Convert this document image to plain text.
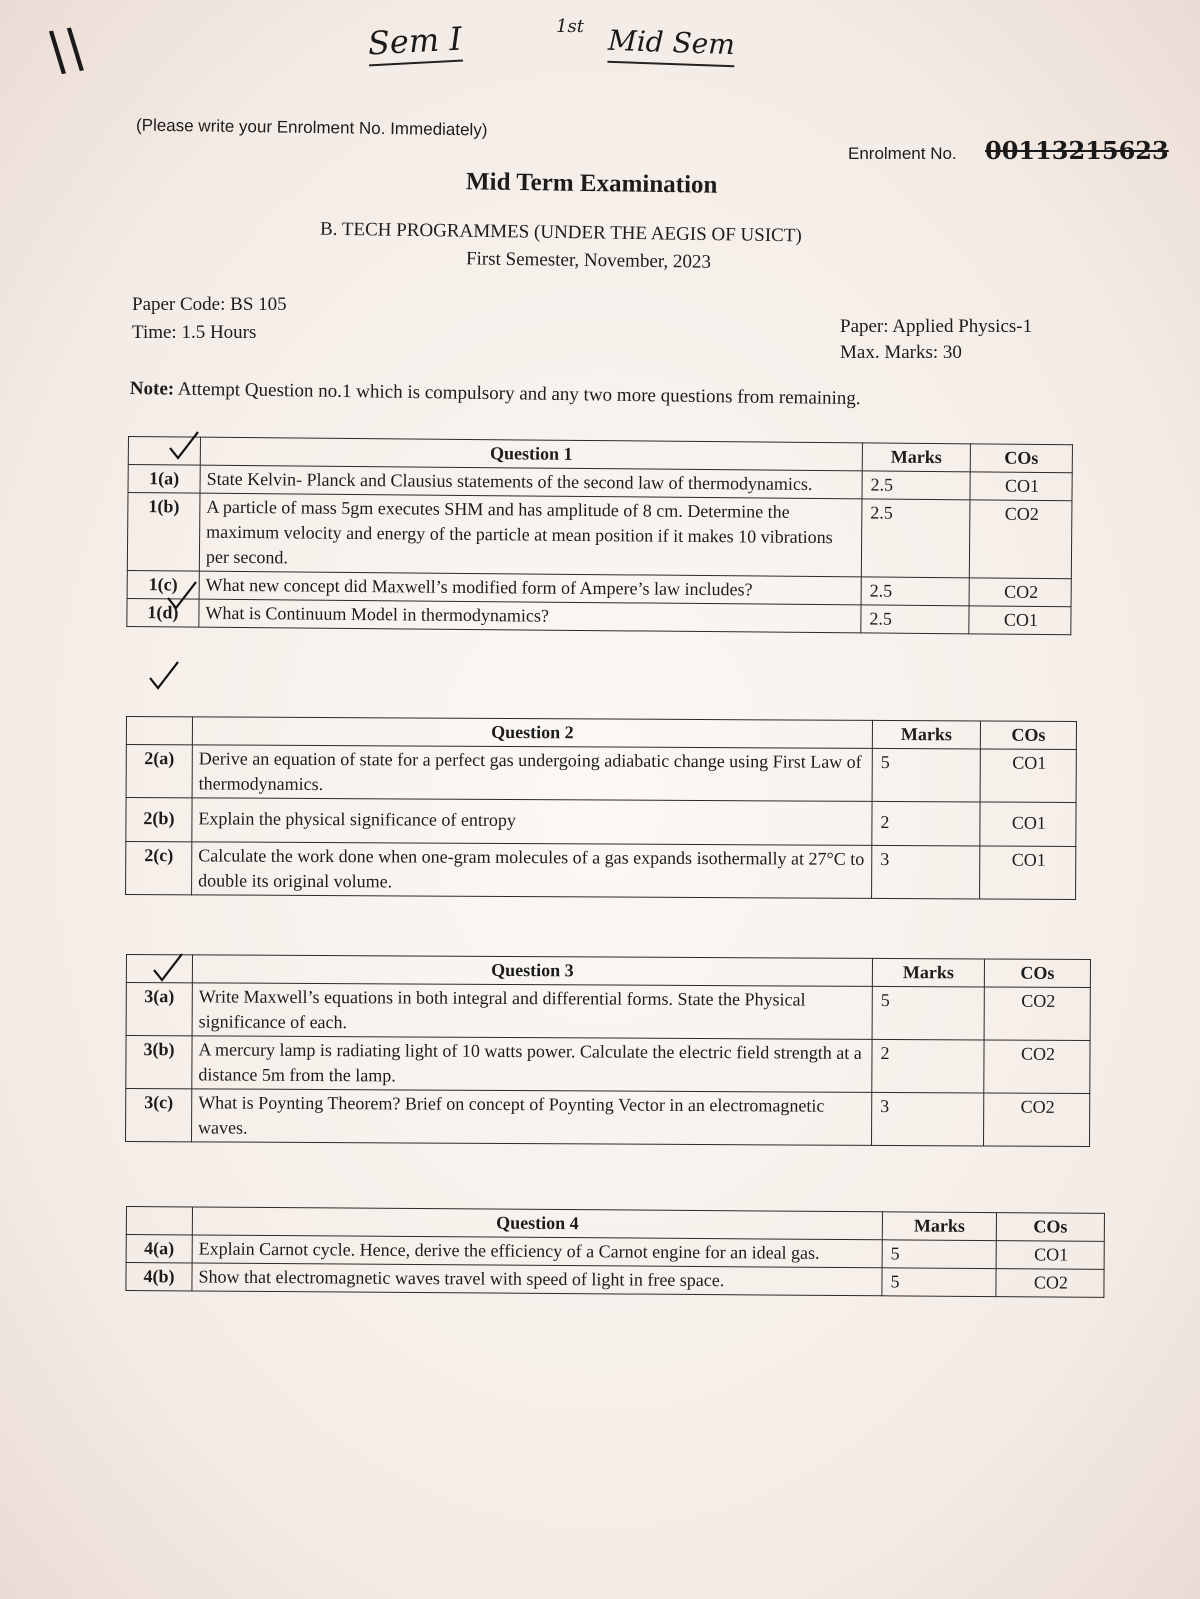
\\	Sem I	1st Mid Sem
(Please write your Enrolment No. Immediately)
Enrolment No. 00113215623
Mid Term Examination
B. TECH PROGRAMMES (UNDER THE AEGIS OF USICT)
First Semester, November, 2023
Paper Code: BS 105
Time: 1.5 Hours	Paper: Applied Physics-1
Max. Marks: 30
Note: Attempt Question no.1 which is compulsory and any two more questions from remaining.
	Question 1	Marks	COs
1(a)	State Kelvin- Planck and Clausius statements of the second law of thermodynamics.	2.5	CO1
1(b)	A particle of mass 5gm executes SHM and has amplitude of 8 cm. Determine the maximum velocity and energy of the particle at mean position if it makes 10 vibrations per second.	2.5	CO2
1(c)	What new concept did Maxwell’s modified form of Ampere’s law includes?	2.5	CO2
1(d)	What is Continuum Model in thermodynamics?	2.5	CO1
	Question 2	Marks	COs
2(a)	Derive an equation of state for a perfect gas undergoing adiabatic change using First Law of thermodynamics.	5	CO1
2(b)	Explain the physical significance of entropy	2	CO1
2(c)	Calculate the work done when one-gram molecules of a gas expands isothermally at 27°C to double its original volume.	3	CO1
	Question 3	Marks	COs
3(a)	Write Maxwell’s equations in both integral and differential forms. State the Physical significance of each.	5	CO2
3(b)	A mercury lamp is radiating light of 10 watts power. Calculate the electric field strength at a distance 5m from the lamp.	2	CO2
3(c)	What is Poynting Theorem? Brief on concept of Poynting Vector in an electromagnetic waves.	3	CO2
	Question 4	Marks	COs
4(a)	Explain Carnot cycle. Hence, derive the efficiency of a Carnot engine for an ideal gas.	5	CO1
4(b)	Show that electromagnetic waves travel with speed of light in free space.	5	CO2
